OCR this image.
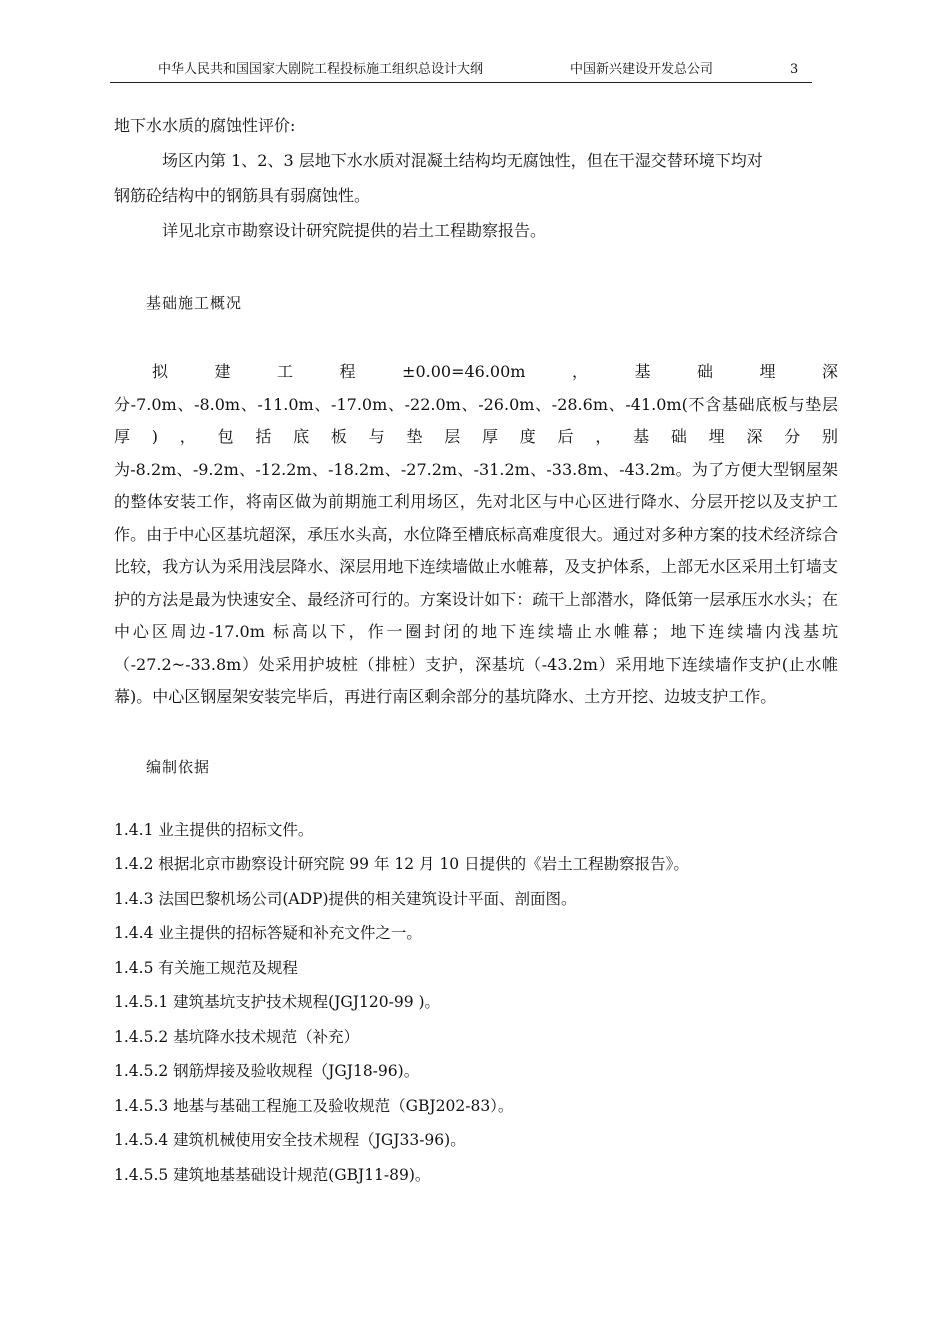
中华人民共和国国家大剧院工程投标施工组织总设计大纲	中国新兴建设开发总公司	3

地下水水质的腐蚀性评价:

场区内第 1、2、3 层地下水水质对混凝土结构均无腐蚀性，但在干湿交替环境下均对

钢筋砼结构中的钢筋具有弱腐蚀性。

详见北京市勘察设计研究院提供的岩土工程勘察报告。

基础施工概况

拟建工程±0.00=46.00m，基础埋深分-7.0m、-8.0m、-11.0m、-17.0m、-22.0m、-26.0m、-28.6m、-41.0m(不含基础底板与垫层厚)，包括底板与垫层厚度后，基础埋深分别为-8.2m、-9.2m、-12.2m、-18.2m、-27.2m、-31.2m、-33.8m、-43.2m。为了方便大型钢屋架的整体安装工作，将南区做为前期施工利用场区，先对北区与中心区进行降水、分层开挖以及支护工作。由于中心区基坑超深，承压水头高，水位降至槽底标高难度很大。通过对多种方案的技术经济综合比较，我方认为采用浅层降水、深层用地下连续墙做止水帷幕，及支护体系，上部无水区采用土钉墙支护的方法是最为快速安全、最经济可行的。方案设计如下：疏干上部潜水，降低第一层承压水水头；在中心区周边-17.0m 标高以下，作一圈封闭的地下连续墙止水帷幕；地下连续墙内浅基坑（-27.2~-33.8m）处采用护坡桩（排桩）支护，深基坑（-43.2m）采用地下连续墙作支护(止水帷幕)。中心区钢屋架安装完毕后，再进行南区剩余部分的基坑降水、土方开挖、边坡支护工作。

编制依据

1.4.1 业主提供的招标文件。

1.4.2 根据北京市勘察设计研究院 99 年 12 月 10 日提供的《岩土工程勘察报告》。

1.4.3 法国巴黎机场公司(ADP)提供的相关建筑设计平面、剖面图。

1.4.4 业主提供的招标答疑和补充文件之一。

1.4.5 有关施工规范及规程

1.4.5.1 建筑基坑支护技术规程(JGJ120-99 )。

1.4.5.2 基坑降水技术规范（补充）

1.4.5.2 钢筋焊接及验收规程（JGJ18-96)。

1.4.5.3 地基与基础工程施工及验收规范（GBJ202-83）。

1.4.5.4 建筑机械使用安全技术规程（JGJ33-96)。

1.4.5.5 建筑地基基础设计规范(GBJ11-89)。
